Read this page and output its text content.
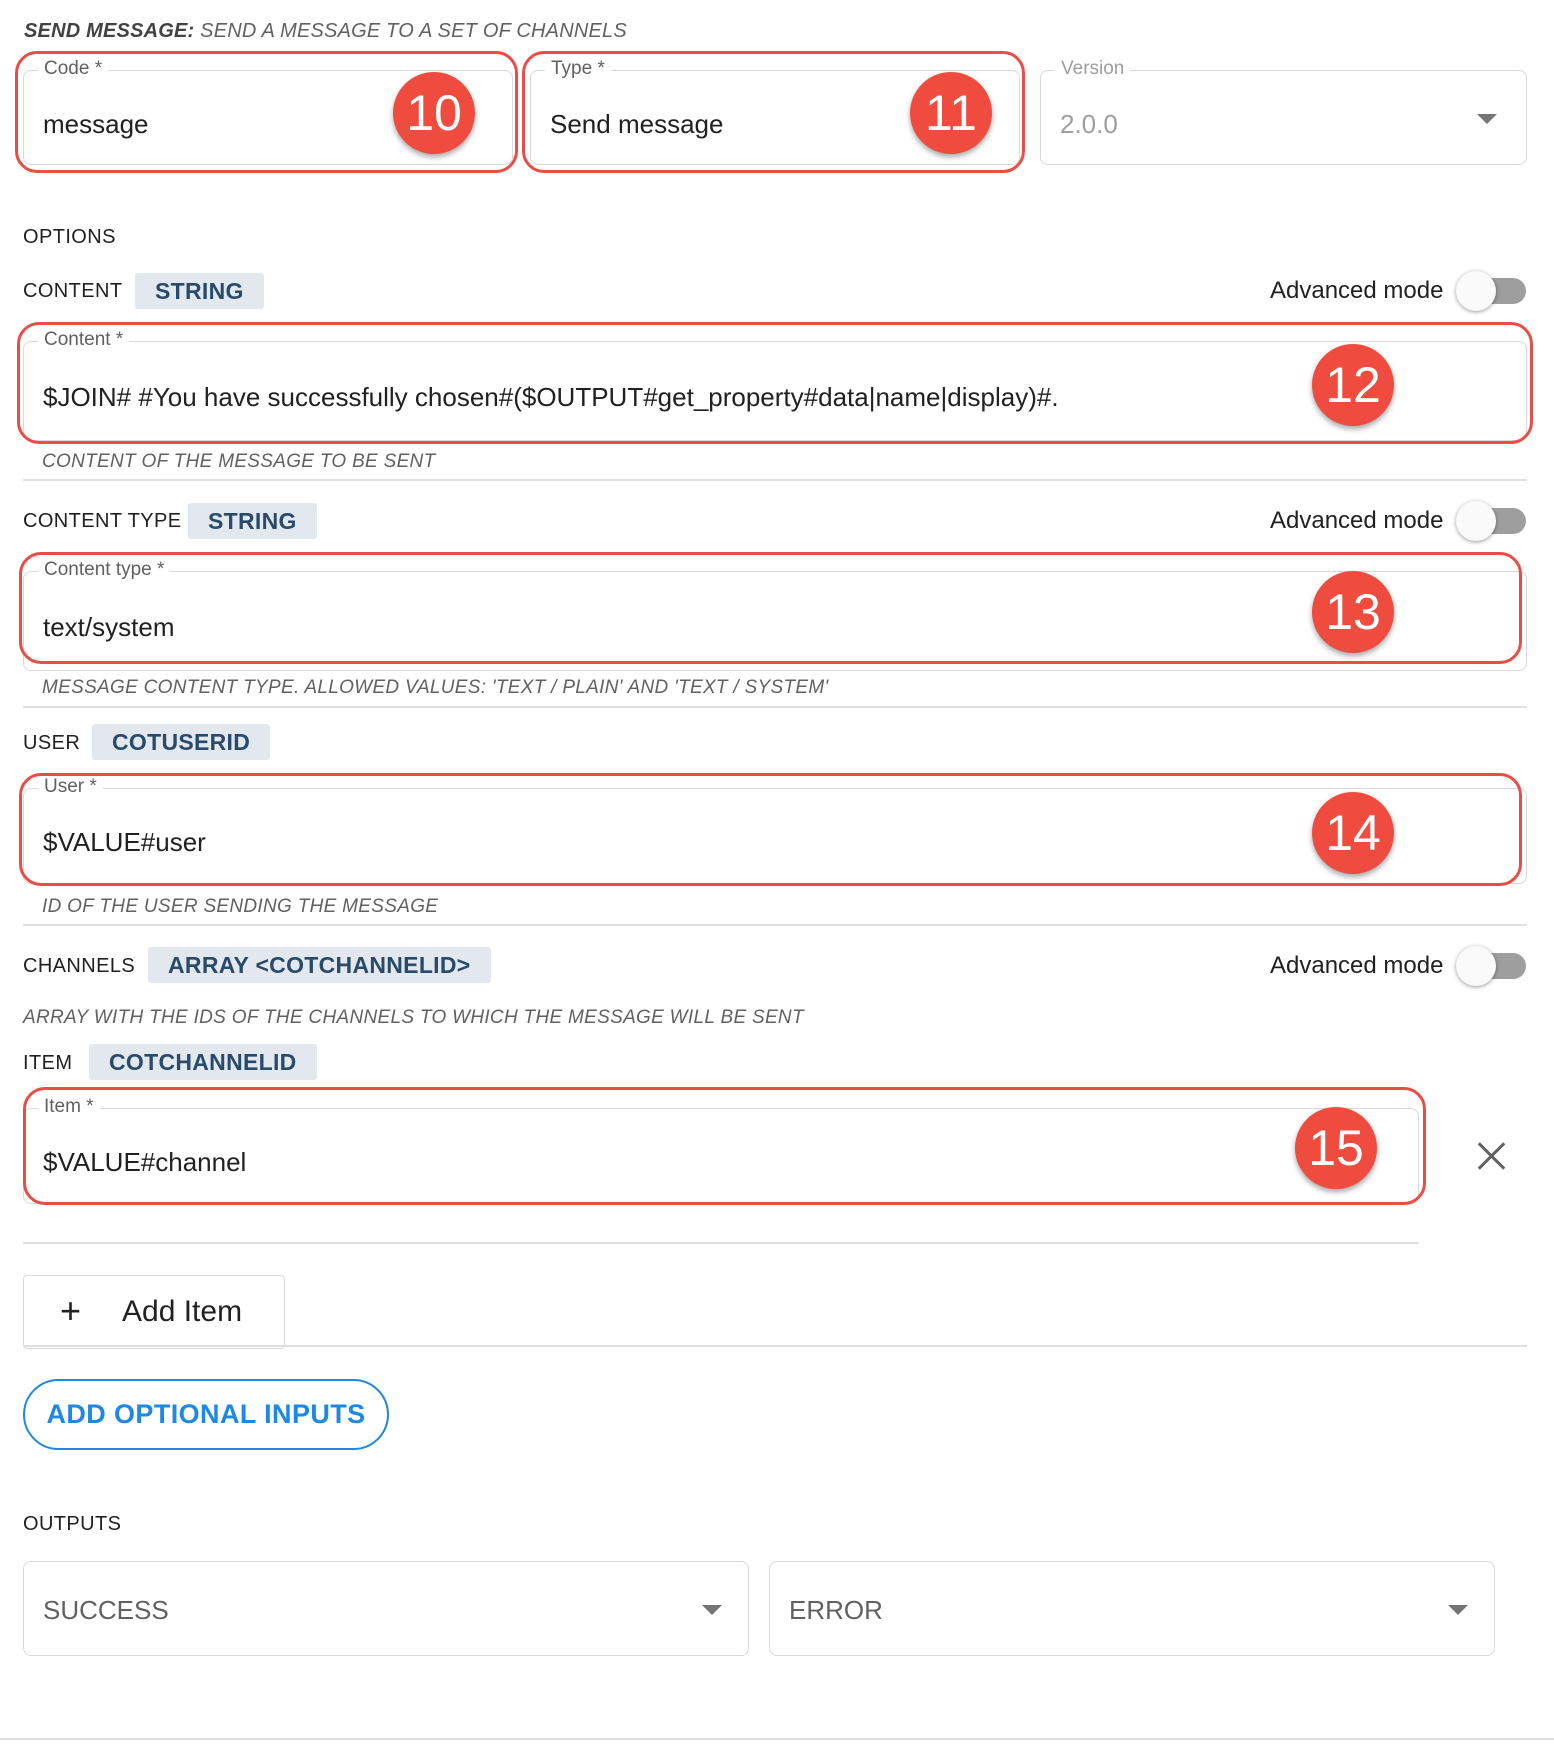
SEND MESSAGE: SEND A MESSAGE TO A SET OF CHANNELS
Code *
message	10
Type *
Send message	11
Version
2.0.0
OPTIONS
CONTENT	STRING	Advanced mode
Content *
$JOIN# #You have successfully chosen#($OUTPUT#get_property#data|name|display)#.	12
CONTENT OF THE MESSAGE TO BE SENT
CONTENT TYPE	STRING	Advanced mode
Content type *
text/system	13
MESSAGE CONTENT TYPE. ALLOWED VALUES: 'TEXT / PLAIN' AND 'TEXT / SYSTEM'
USER	COTUSERID
User *
$VALUE#user	14
ID OF THE USER SENDING THE MESSAGE
CHANNELS	ARRAY <COTCHANNELID>	Advanced mode
ARRAY WITH THE IDS OF THE CHANNELS TO WHICH THE MESSAGE WILL BE SENT
ITEM	COTCHANNELID
Item *
$VALUE#channel	15
+ Add Item
ADD OPTIONAL INPUTS
OUTPUTS
SUCCESS	ERROR
